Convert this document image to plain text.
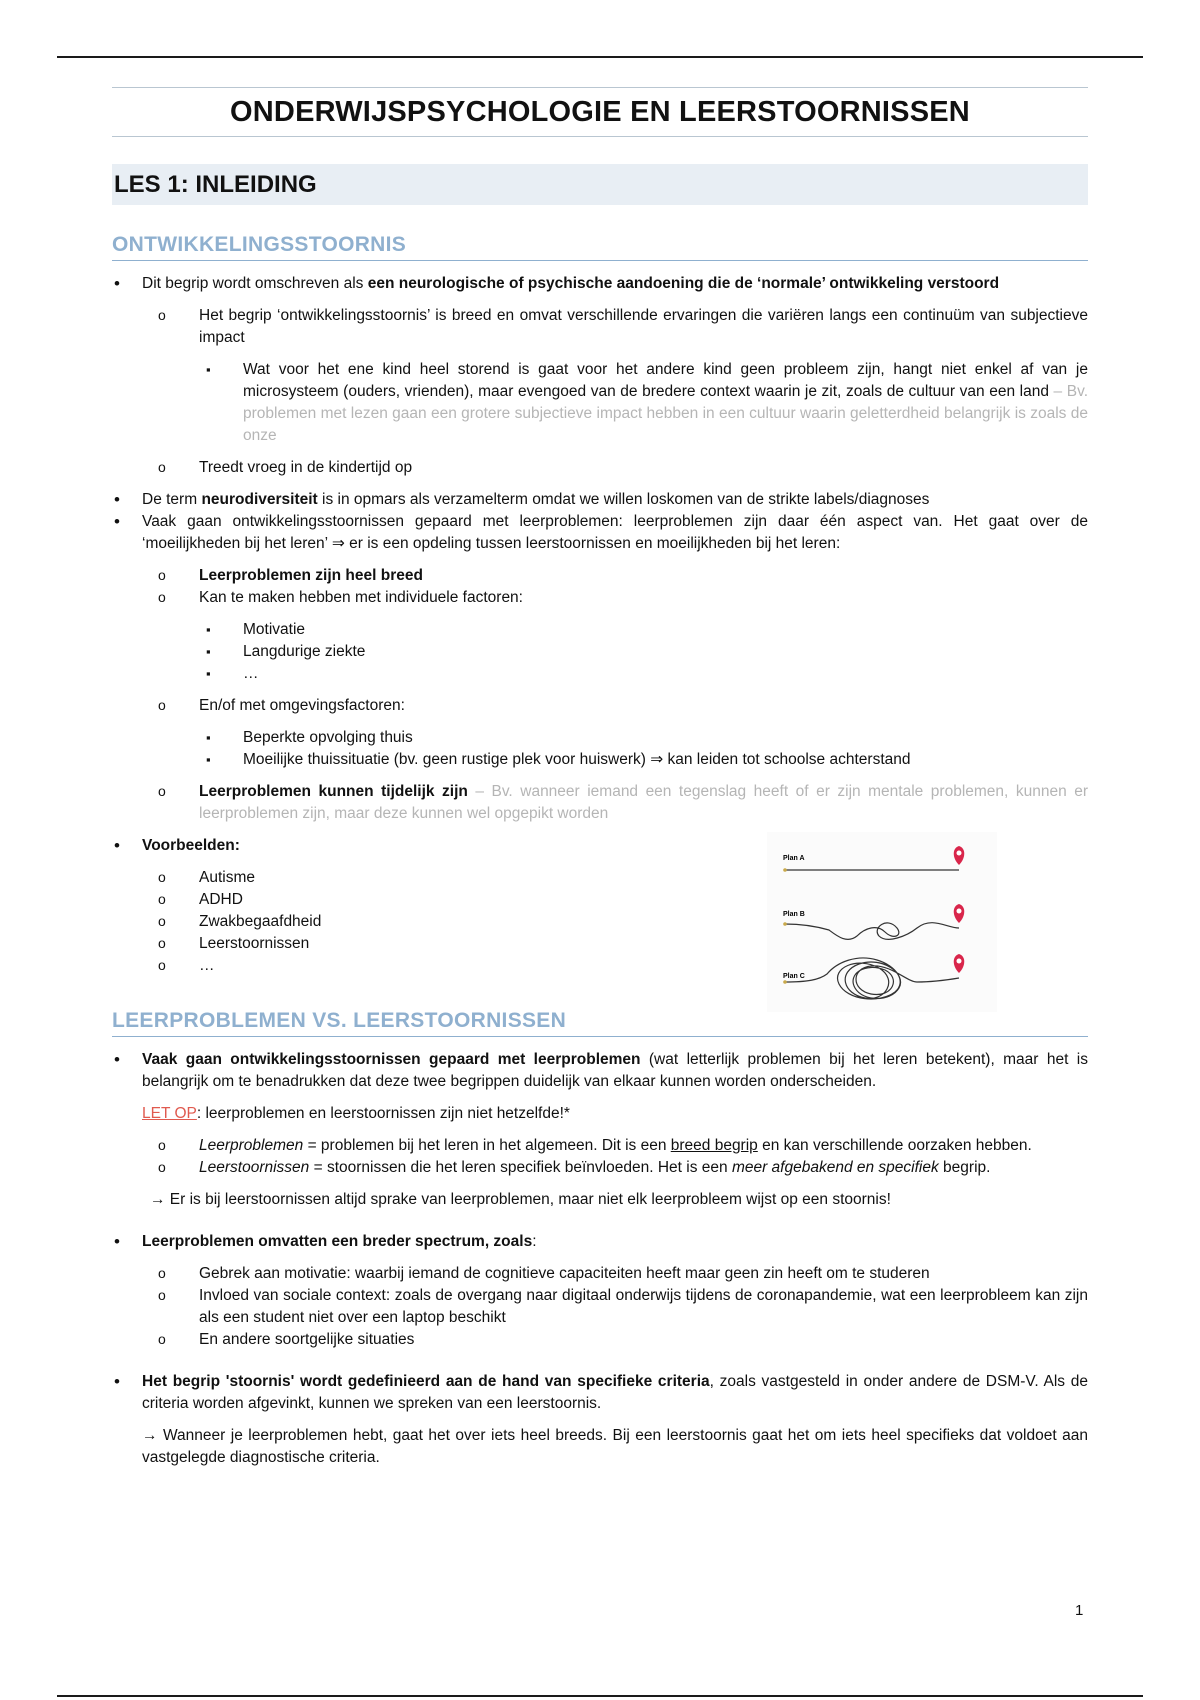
ONDERWIJSPSYCHOLOGIE EN LEERSTOORNISSEN
LES 1: INLEIDING
ONTWIKKELINGSSTOORNIS
• Dit begrip wordt omschreven als een neurologische of psychische aandoening die de ‘normale’ ontwikkeling verstoord
o Het begrip ‘ontwikkelingsstoornis’ is breed en omvat verschillende ervaringen die variëren langs een continuüm van subjectieve impact
▪ Wat voor het ene kind heel storend is gaat voor het andere kind geen probleem zijn, hangt niet enkel af van je microsysteem (ouders, vrienden), maar evengoed van de bredere context waarin je zit, zoals de cultuur van een land – Bv. problemen met lezen gaan een grotere subjectieve impact hebben in een cultuur waarin geletterdheid belangrijk is zoals de onze
o Treedt vroeg in de kindertijd op
• De term neurodiversiteit is in opmars als verzamelterm omdat we willen loskomen van de strikte labels/diagnoses
• Vaak gaan ontwikkelingsstoornissen gepaard met leerproblemen: leerproblemen zijn daar één aspect van. Het gaat over de ‘moeilijkheden bij het leren’ ⇒ er is een opdeling tussen leerstoornissen en moeilijkheden bij het leren:
o Leerproblemen zijn heel breed
o Kan te maken hebben met individuele factoren:
▪ Motivatie
▪ Langdurige ziekte
▪ …
o En/of met omgevingsfactoren:
▪ Beperkte opvolging thuis
▪ Moeilijke thuissituatie (bv. geen rustige plek voor huiswerk) ⇒ kan leiden tot schoolse achterstand
o Leerproblemen kunnen tijdelijk zijn – Bv. wanneer iemand een tegenslag heeft of er zijn mentale problemen, kunnen er leerproblemen zijn, maar deze kunnen wel opgepikt worden
• Voorbeelden:
o Autisme
o ADHD
o Zwakbegaafdheid
o Leerstoornissen
o …
Plan A
Plan B
Plan C
LEERPROBLEMEN VS. LEERSTOORNISSEN
• Vaak gaan ontwikkelingsstoornissen gepaard met leerproblemen (wat letterlijk problemen bij het leren betekent), maar het is belangrijk om te benadrukken dat deze twee begrippen duidelijk van elkaar kunnen worden onderscheiden.
LET OP: leerproblemen en leerstoornissen zijn niet hetzelfde!*
o Leerproblemen = problemen bij het leren in het algemeen. Dit is een breed begrip en kan verschillende oorzaken hebben.
o Leerstoornissen = stoornissen die het leren specifiek beïnvloeden. Het is een meer afgebakend en specifiek begrip.
→ Er is bij leerstoornissen altijd sprake van leerproblemen, maar niet elk leerprobleem wijst op een stoornis!
• Leerproblemen omvatten een breder spectrum, zoals:
o Gebrek aan motivatie: waarbij iemand de cognitieve capaciteiten heeft maar geen zin heeft om te studeren
o Invloed van sociale context: zoals de overgang naar digitaal onderwijs tijdens de coronapandemie, wat een leerprobleem kan zijn als een student niet over een laptop beschikt
o En andere soortgelijke situaties
• Het begrip 'stoornis' wordt gedefinieerd aan de hand van specifieke criteria, zoals vastgesteld in onder andere de DSM-V. Als de criteria worden afgevinkt, kunnen we spreken van een leerstoornis.
→ Wanneer je leerproblemen hebt, gaat het over iets heel breeds. Bij een leerstoornis gaat het om iets heel specifieks dat voldoet aan vastgelegde diagnostische criteria.
1
